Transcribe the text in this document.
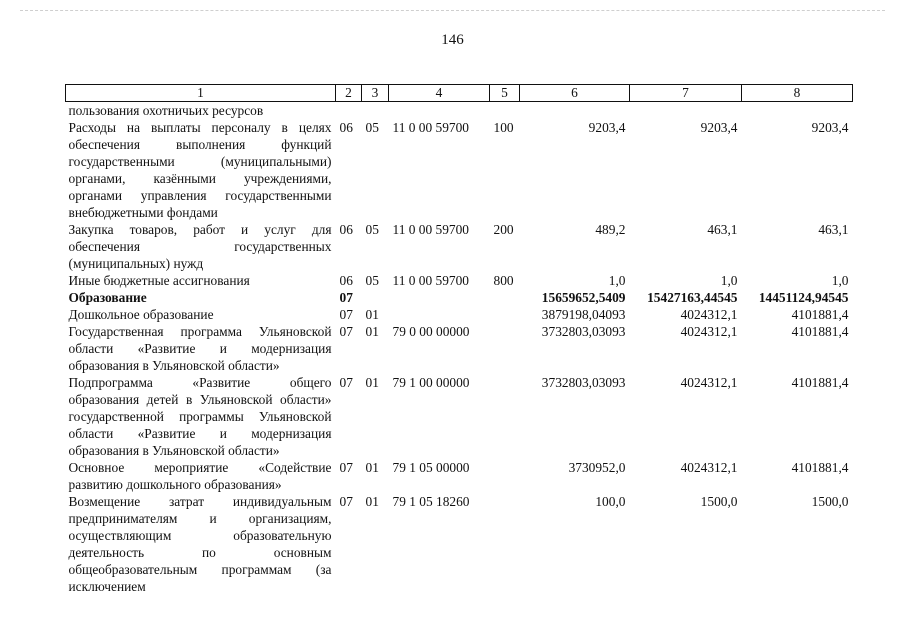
146
1	2	3	4	5	6	7	8
пользования охотничьих ресурсов							
Расходы на выплаты персоналу в целях обеспечения выполнения функций государственными (муниципальными) органами, казёнными учреждениями, органами управления государственными внебюджетными фондами	06	05	11 0 00 59700	100	9203,4	9203,4	9203,4
Закупка товаров, работ и услуг для обеспечения государственных (муниципальных) нужд	06	05	11 0 00 59700	200	489,2	463,1	463,1
Иные бюджетные ассигнования	06	05	11 0 00 59700	800	1,0	1,0	1,0
Образование	07				15659652,5409	15427163,44545	14451124,94545
Дошкольное образование	07	01			3879198,04093	4024312,1	4101881,4
Государственная программа Ульяновской области «Развитие и модернизация образования в Ульяновской области»	07	01	79 0 00 00000		3732803,03093	4024312,1	4101881,4
Подпрограмма «Развитие общего образования детей в Ульяновской области» государственной программы Ульяновской области «Развитие и модернизация образования в Ульяновской области»	07	01	79 1 00 00000		3732803,03093	4024312,1	4101881,4
Основное мероприятие «Содействие развитию дошкольного образования»	07	01	79 1 05 00000		3730952,0	4024312,1	4101881,4
Возмещение затрат индивидуальным предпринимателям и организациям, осуществляющим образовательную деятельность по основным общеобразовательным программам (за исключением	07	01	79 1 05 18260		100,0	1500,0	1500,0
